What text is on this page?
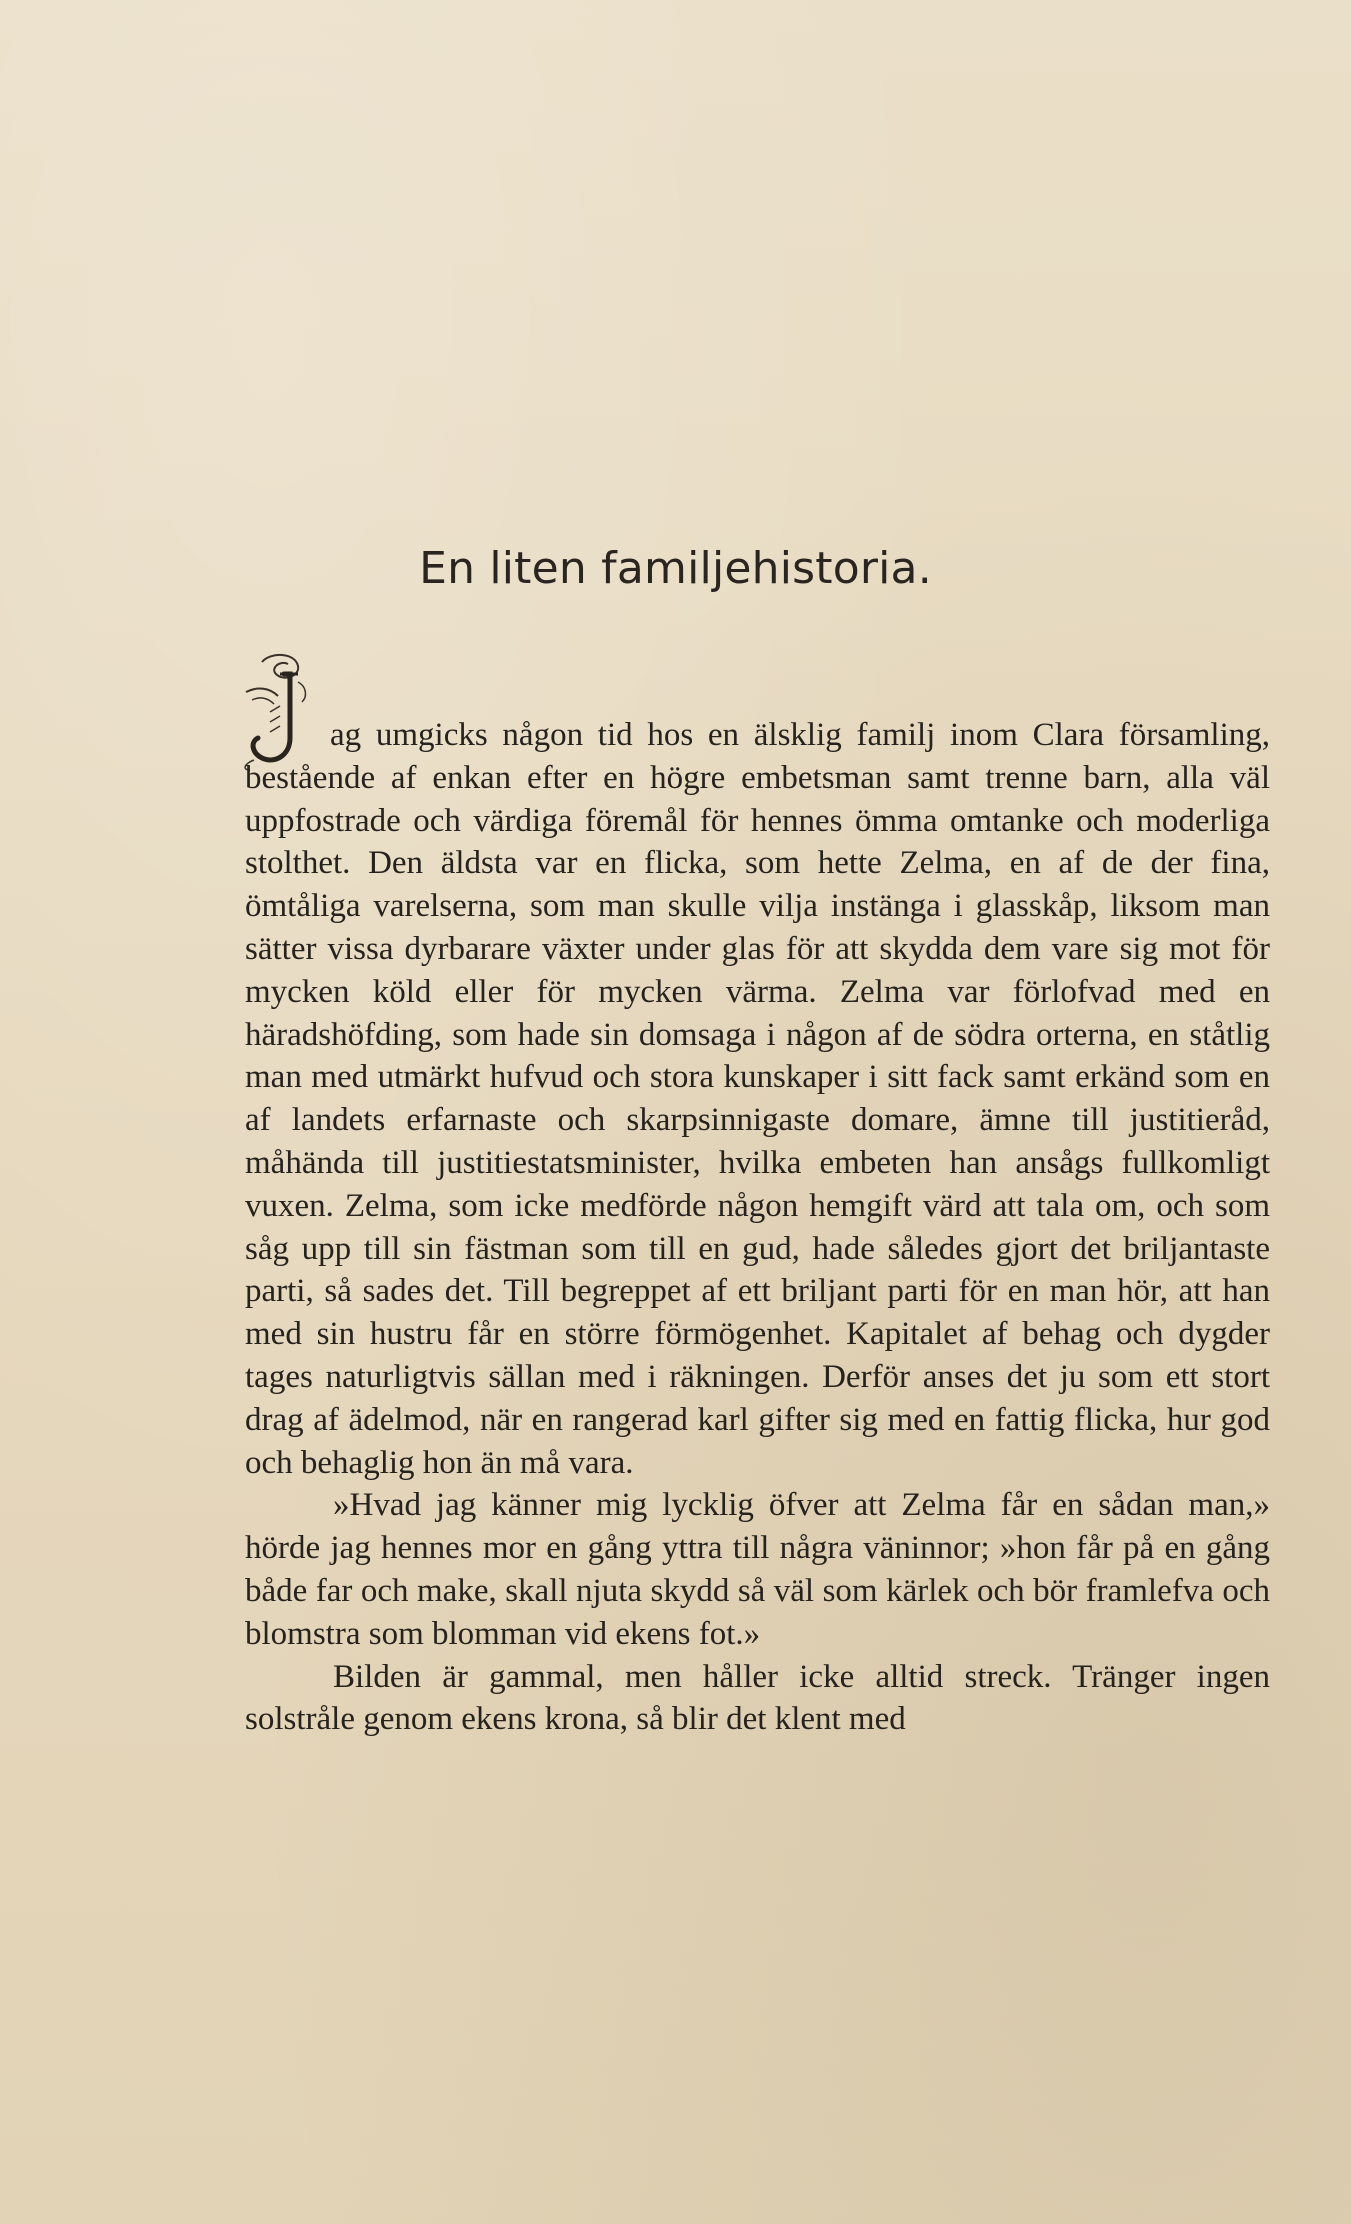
En liten familjehistoria.

ag umgicks någon tid hos en älsklig familj inom Clara församling, bestående af enkan efter en högre embetsman samt trenne barn, alla väl uppfostrade och värdiga föremål för hennes ömma omtanke och moderliga stolthet. Den äldsta var en flicka, som hette Zelma, en af de der fina, ömtåliga varelserna, som man skulle vilja instänga i glasskåp, liksom man sätter vissa dyrbarare växter under glas för att skydda dem vare sig mot för mycken köld eller för mycken värma. Zelma var förlofvad med en häradshöfding, som hade sin domsaga i någon af de södra orterna, en ståtlig man med utmärkt hufvud och stora kunskaper i sitt fack samt erkänd som en af landets erfarnaste och skarpsinnigaste domare, ämne till justitieråd, måhända till justitiestatsminister, hvilka embeten han ansågs fullkomligt vuxen. Zelma, som icke medförde någon hemgift värd att tala om, och som såg upp till sin fästman som till en gud, hade således gjort det briljantaste parti, så sades det. Till begreppet af ett briljant parti för en man hör, att han med sin hustru får en större förmögenhet. Kapitalet af behag och dygder tages naturligtvis sällan med i räkningen. Derför anses det ju som ett stort drag af ädelmod, när en rangerad karl gifter sig med en fattig flicka, hur god och behaglig hon än må vara.

»Hvad jag känner mig lycklig öfver att Zelma får en sådan man,» hörde jag hennes mor en gång yttra till några väninnor; »hon får på en gång både far och make, skall njuta skydd så väl som kärlek och bör framlefva och blomstra som blomman vid ekens fot.»

Bilden är gammal, men håller icke alltid streck. Tränger ingen solstråle genom ekens krona, så blir det klent med
